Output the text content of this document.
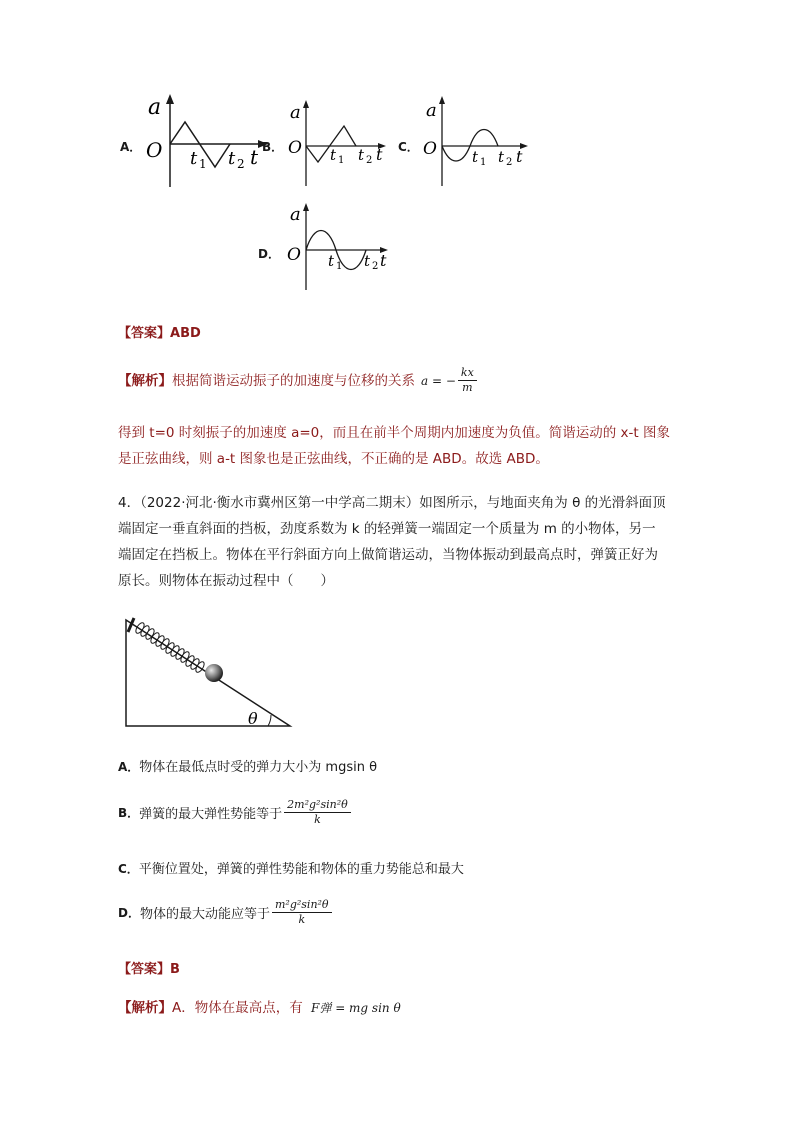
A．
a
O t 1 t 2 t B．
a
O t 1 t 2 t C．
a
O t 1 t 2 t
D．
a
O t 1 t 2 t
【答案】ABD
【解析】 根据简谐运动振子的加速度与位移的关系 a = − $\frac{kx}{m}$
得到 t=0 时刻振子的加速度 a=0，而且在前半个周期内加速度为负值。简谐运动的 x-t 图象
是正弦曲线，则 a-t 图象也是正弦曲线，不正确的是 ABD。故选 ABD。
4．（2022·河北·衡水市冀州区第一中学高二期末）如图所示，与地面夹角为 θ 的光滑斜面顶
端固定一垂直斜面的挡板，劲度系数为 k 的轻弹簧一端固定一个质量为 m 的小物体，另一
端固定在挡板上。物体在平行斜面方向上做简谐运动，当物体振动到最高点时，弹簧正好为
原长。则物体在振动过程中（　　）
θ
A．物体在最低点时受的弹力大小为 mgsin θ
B． 弹簧的最大弹性势能等于 $\frac{\text{2m²g²sin²θ}}{k}$
C．平衡位置处，弹簧的弹性势能和物体的重力势能总和最大
D． 物体的最大动能应等于 $\frac{\text{m²g²sin²θ}}{k}$
【答案】B
【解析】A．物体在最高点，有 F弹 = mg sin θ
